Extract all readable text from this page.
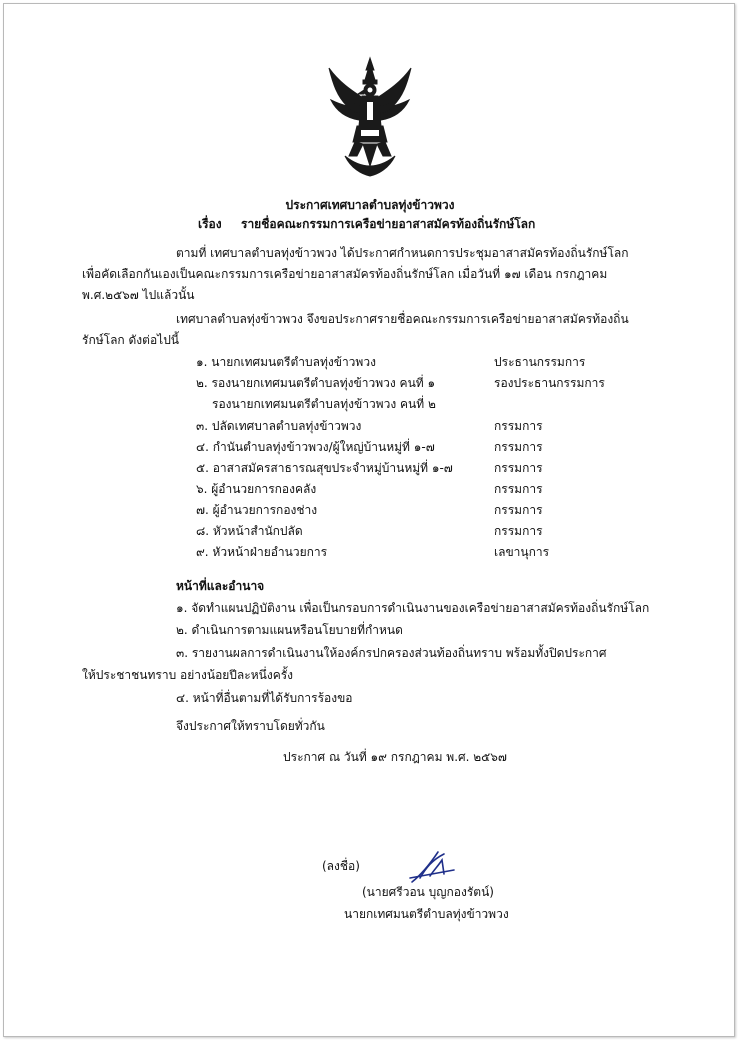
ประกาศเทศบาลตำบลทุ่งข้าวพวง
เรื่อง รายชื่อคณะกรรมการเครือข่ายอาสาสมัครท้องถิ่นรักษ์โลก
ตามที่ เทศบาลตำบลทุ่งข้าวพวง ได้ประกาศกำหนดการประชุมอาสาสมัครท้องถิ่นรักษ์โลก
เพื่อคัดเลือกกันเองเป็นคณะกรรมการเครือข่ายอาสาสมัครท้องถิ่นรักษ์โลก เมื่อวันที่ ๑๗ เดือน กรกฎาคม
พ.ศ.๒๕๖๗ ไปแล้วนั้น
เทศบาลตำบลทุ่งข้าวพวง จึงขอประกาศรายชื่อคณะกรรมการเครือข่ายอาสาสมัครท้องถิ่น
รักษ์โลก ดังต่อไปนี้
๑. นายกเทศมนตรีตำบลทุ่งข้าวพวง	ประธานกรรมการ
๒. รองนายกเทศมนตรีตำบลทุ่งข้าวพวง คนที่ ๑	รองประธานกรรมการ
รองนายกเทศมนตรีตำบลทุ่งข้าวพวง คนที่ ๒
๓. ปลัดเทศบาลตำบลทุ่งข้าวพวง	กรรมการ
๔. กำนันตำบลทุ่งข้าวพวง/ผู้ใหญ่บ้านหมู่ที่ ๑-๗	กรรมการ
๕. อาสาสมัครสาธารณสุขประจำหมู่บ้านหมู่ที่ ๑-๗	กรรมการ
๖. ผู้อำนวยการกองคลัง	กรรมการ
๗. ผู้อำนวยการกองช่าง	กรรมการ
๘. หัวหน้าสำนักปลัด	กรรมการ
๙. หัวหน้าฝ่ายอำนวยการ	เลขานุการ
หน้าที่และอำนาจ
๑. จัดทำแผนปฏิบัติงาน เพื่อเป็นกรอบการดำเนินงานของเครือข่ายอาสาสมัครท้องถิ่นรักษ์โลก
๒. ดำเนินการตามแผนหรือนโยบายที่กำหนด
๓. รายงานผลการดำเนินงานให้องค์กรปกครองส่วนท้องถิ่นทราบ พร้อมทั้งปิดประกาศ
ให้ประชาชนทราบ อย่างน้อยปีละหนึ่งครั้ง
๔. หน้าที่อื่นตามที่ได้รับการร้องขอ
จึงประกาศให้ทราบโดยทั่วกัน
ประกาศ ณ วันที่ ๑๙ กรกฎาคม พ.ศ. ๒๕๖๗
(ลงชื่อ)
(นายศรีวอน บุญกองรัตน์)
นายกเทศมนตรีตำบลทุ่งข้าวพวง
